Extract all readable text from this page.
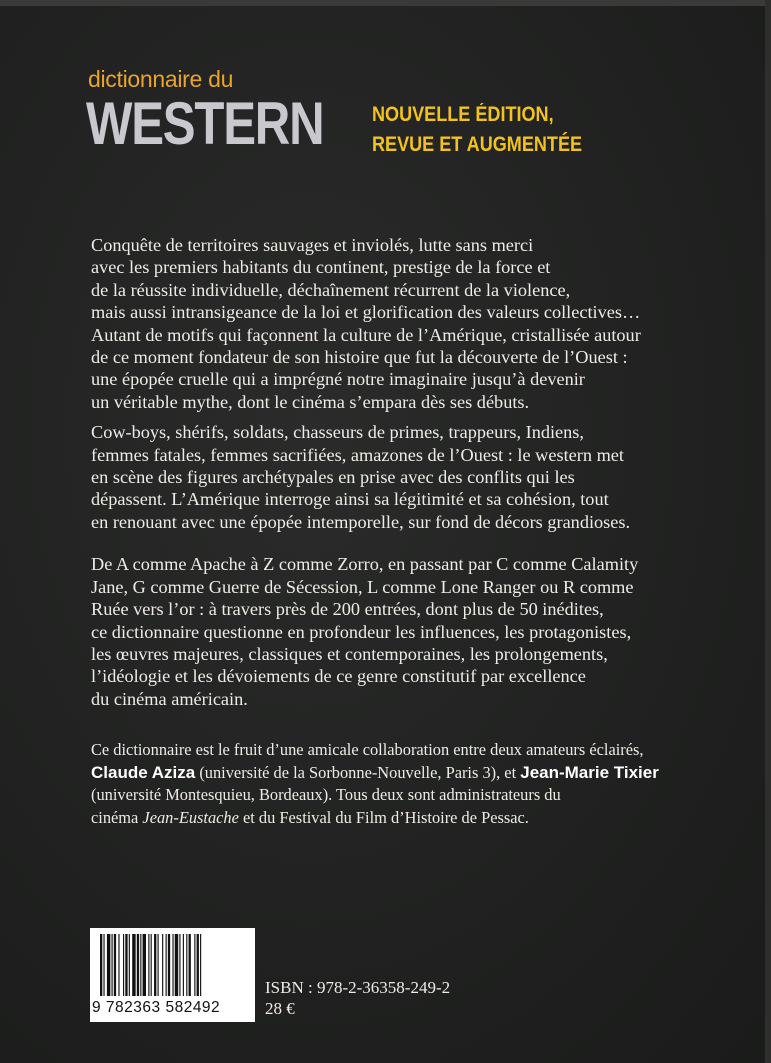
dictionnaire du
WESTERN NOUVELLE ÉDITION,
REVUE ET AUGMENTÉE

Conquête de territoires sauvages et inviolés, lutte sans merci

avec les premiers habitants du continent, prestige de la force et

de la réussite individuelle, déchaînement récurrent de la violence,

mais aussi intransigeance de la loi et glorification des valeurs collectives…

Autant de motifs qui façonnent la culture de l’Amérique, cristallisée autour

de ce moment fondateur de son histoire que fut la découverte de l’Ouest :

une épopée cruelle qui a imprégné notre imaginaire jusqu’à devenir

un véritable mythe, dont le cinéma s’empara dès ses débuts.

Cow-boys, shérifs, soldats, chasseurs de primes, trappeurs, Indiens,

femmes fatales, femmes sacrifiées, amazones de l’Ouest : le western met

en scène des figures archétypales en prise avec des conflits qui les

dépassent. L’Amérique interroge ainsi sa légitimité et sa cohésion, tout

en renouant avec une épopée intemporelle, sur fond de décors grandioses.

De A comme Apache à Z comme Zorro, en passant par C comme Calamity

Jane, G comme Guerre de Sécession, L comme Lone Ranger ou R comme

Ruée vers l’or : à travers près de 200 entrées, dont plus de 50 inédites,

ce dictionnaire questionne en profondeur les influences, les protagonistes,

les œuvres majeures, classiques et contemporaines, les prolongements,

l’idéologie et les dévoiements de ce genre constitutif par excellence

du cinéma américain.

Ce dictionnaire est le fruit d’une amicale collaboration entre deux amateurs éclairés,

Claude Aziza (université de la Sorbonne-Nouvelle, Paris 3), et Jean-Marie Tixier

(université Montesquieu, Bordeaux). Tous deux sont administrateurs du

cinéma Jean-Eustache et du Festival du Film d’Histoire de Pessac.

9 782363 582492
ISBN : 978-2-36358-249-2
28 €
